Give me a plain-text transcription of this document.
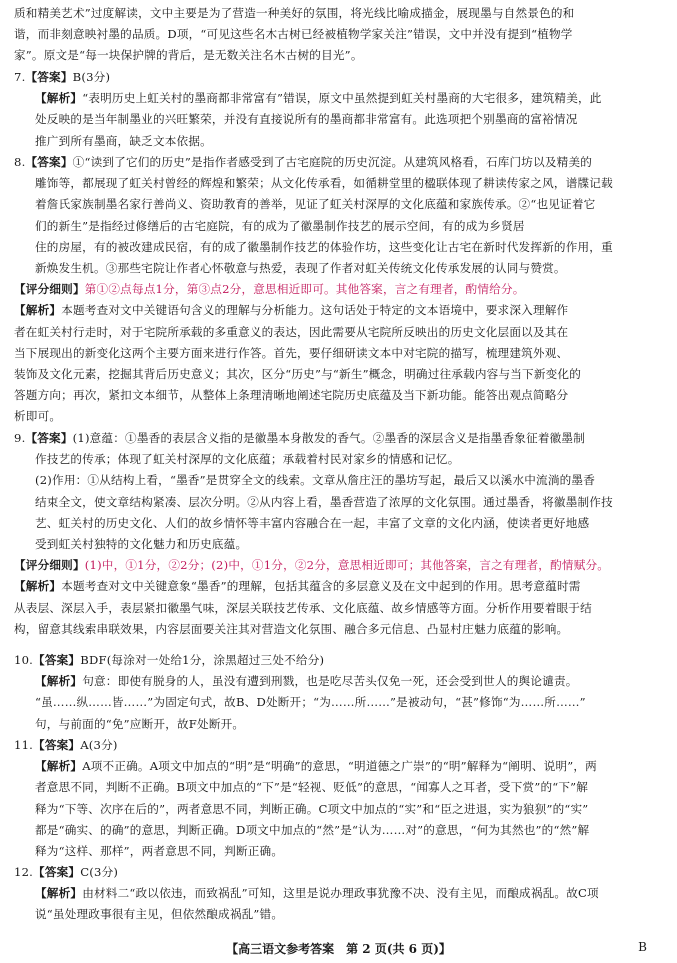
质和精美艺术”过度解读，文中主要是为了营造一种美好的氛围，将光线比喻成描金，展现墨与自然景色的和
谐，而非刻意映衬墨的品质。D项，“可见这些名木古树已经被植物学家关注”错误，文中并没有提到“植物学
家”。原文是“每一块保护牌的背后，是无数关注名木古树的目光”。
7.【答案】B(3分)
【解析】“表明历史上虹关村的墨商都非常富有”错误，原文中虽然提到虹关村墨商的大宅很多，建筑精美，此
处反映的是当年制墨业的兴旺繁荣，并没有直接说所有的墨商都非常富有。此选项把个别墨商的富裕情况
推广到所有墨商，缺乏文本依据。
8.【答案】①“读到了它们的历史”是指作者感受到了古宅庭院的历史沉淀。从建筑风格看，石库门坊以及精美的
雕饰等，都展现了虹关村曾经的辉煌和繁荣；从文化传承看，如循耕堂里的楹联体现了耕读传家之风，谱牒记载
着詹氏家族制墨名家行善尚义、资助教育的善举，见证了虹关村深厚的文化底蕴和家族传承。②“也见证着它
们的新生”是指经过修缮后的古宅庭院，有的成为了徽墨制作技艺的展示空间，有的成为乡贤居
住的房屋，有的被改建成民宿，有的成了徽墨制作技艺的体验作坊，这些变化让古宅在新时代发挥新的作用，重
新焕发生机。③那些宅院让作者心怀敬意与热爱，表现了作者对虹关传统文化传承发展的认同与赞赏。
【评分细则】第①②点每点1分，第③点2分，意思相近即可。其他答案，言之有理者，酌情给分。
【解析】本题考查对文中关键语句含义的理解与分析能力。这句话处于特定的文本语境中，要求深入理解作
者在虹关村行走时，对于宅院所承载的多重意义的表达，因此需要从宅院所反映出的历史文化层面以及其在
当下展现出的新变化这两个主要方面来进行作答。首先，要仔细研读文本中对宅院的描写，梳理建筑外观、
装饰及文化元素，挖掘其背后历史意义；其次，区分“历史”与“新生”概念，明确过往承载内容与当下新变化的
答题方向；再次，紧扣文本细节，从整体上条理清晰地阐述宅院历史底蕴及当下新功能。能答出观点简略分
析即可。
9.【答案】(1)意蕴：①墨香的表层含义指的是徽墨本身散发的香气。②墨香的深层含义是指墨香象征着徽墨制
作技艺的传承；体现了虹关村深厚的文化底蕴；承载着村民对家乡的情感和记忆。
(2)作用：①从结构上看，“墨香”是贯穿全文的线索。文章从詹庄汪的墨坊写起，最后又以溪水中流淌的墨香
结束全文，使文章结构紧凑、层次分明。②从内容上看，墨香营造了浓厚的文化氛围。通过墨香，将徽墨制作技
艺、虹关村的历史文化、人们的故乡情怀等丰富内容融合在一起，丰富了文章的文化内涵，使读者更好地感
受到虹关村独特的文化魅力和历史底蕴。
【评分细则】(1)中，①1分，②2分；(2)中，①1分，②2分，意思相近即可；其他答案，言之有理者，酌情赋分。
【解析】本题考查对文中关键意象“墨香”的理解，包括其蕴含的多层意义及在文中起到的作用。思考意蕴时需
从表层、深层入手，表层紧扣徽墨气味，深层关联技艺传承、文化底蕴、故乡情感等方面。分析作用要着眼于结
构，留意其线索串联效果，内容层面要关注其对营造文化氛围、融合多元信息、凸显村庄魅力底蕴的影响。
10.【答案】BDF(每涂对一处给1分，涂黑超过三处不给分)
【解析】句意：即使有脱身的人，虽没有遭到刑戮，也是吃尽苦头仅免一死，还会受到世人的舆论谴责。
“虽……纵……皆……”为固定句式，故B、D处断开；“为……所……”是被动句，“甚”修饰“为……所……”
句，与前面的“免”应断开，故F处断开。
11.【答案】A(3分)
【解析】A项不正确。A项文中加点的“明”是“明确”的意思，“明道德之广崇”的“明”解释为“阐明、说明”，两
者意思不同，判断不正确。B项文中加点的“下”是“轻视、贬低”的意思，“闻寡人之耳者，受下赏”的“下”解
释为“下等、次序在后的”，两者意思不同，判断正确。C项文中加点的“实”和“臣之进退，实为狼狈”的“实”
都是“确实、的确”的意思，判断正确。D项文中加点的“然”是“认为……对”的意思，“何为其然也”的“然”解
释为“这样、那样”，两者意思不同，判断正确。
12.【答案】C(3分)
【解析】由材料二“政以依违，而致祸乱”可知，这里是说办理政事犹豫不决、没有主见，而酿成祸乱。故C项
说“虽处理政事很有主见，但依然酿成祸乱”错。
【高三语文参考答案　第 2 页(共 6 页)】	B
